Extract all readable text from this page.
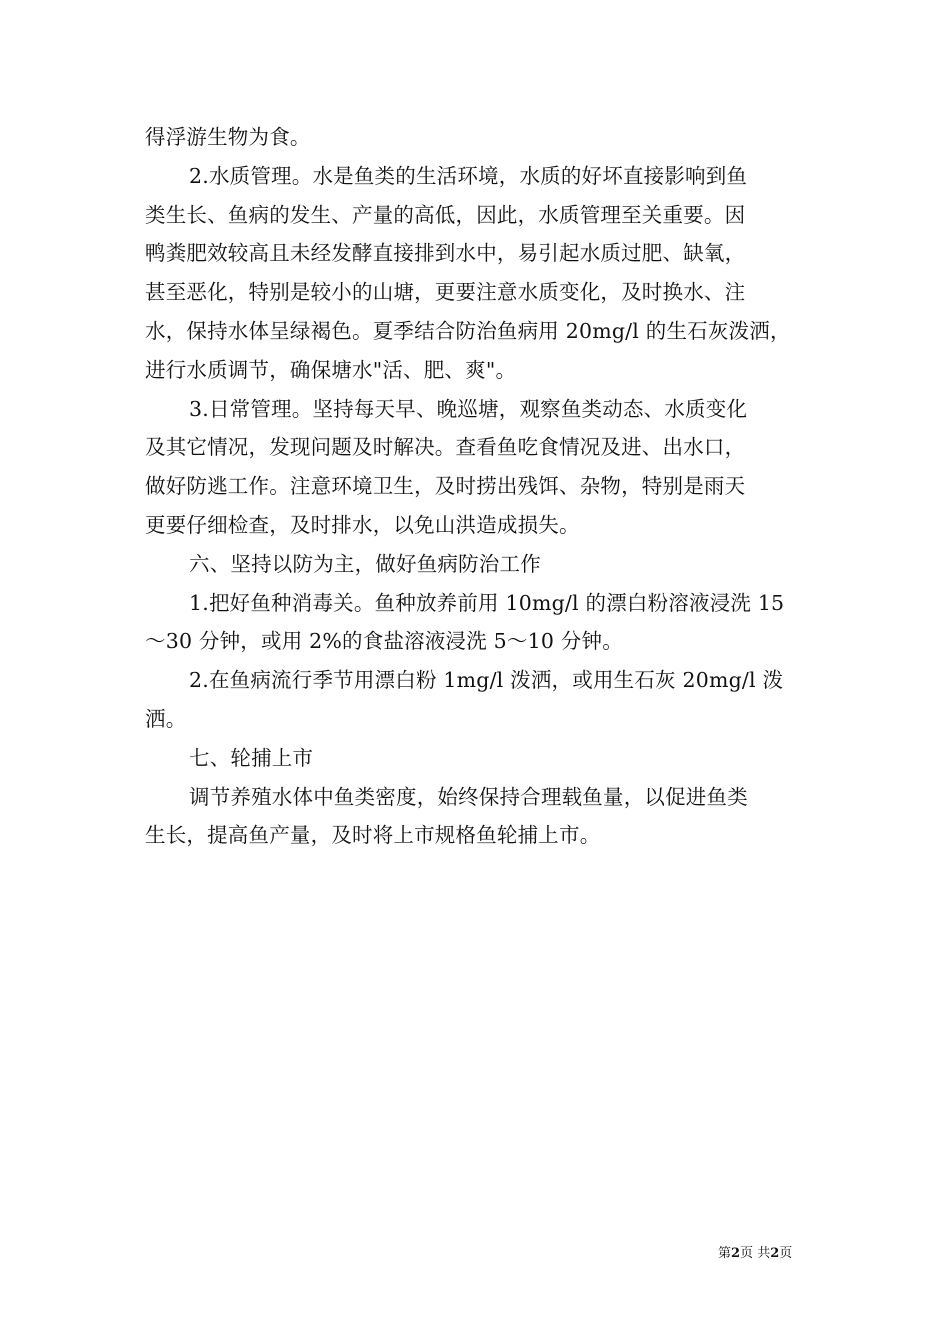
得浮游生物为食。
2.水质管理。水是鱼类的生活环境，水质的好坏直接影响到鱼
类生长、鱼病的发生、产量的高低，因此，水质管理至关重要。因
鸭粪肥效较高且未经发酵直接排到水中，易引起水质过肥、缺氧，
甚至恶化，特别是较小的山塘，更要注意水质变化，及时换水、注
水，保持水体呈绿褐色。夏季结合防治鱼病用 20mg/l 的生石灰泼洒，
进行水质调节，确保塘水"活、肥、爽"。
3.日常管理。坚持每天早、晚巡塘，观察鱼类动态、水质变化
及其它情况，发现问题及时解决。查看鱼吃食情况及进、出水口，
做好防逃工作。注意环境卫生，及时捞出残饵、杂物，特别是雨天
更要仔细检查，及时排水，以免山洪造成损失。
六、坚持以防为主，做好鱼病防治工作
1.把好鱼种消毒关。鱼种放养前用 10mg/l 的漂白粉溶液浸洗 15
～30 分钟，或用 2%的食盐溶液浸洗 5～10 分钟。
2.在鱼病流行季节用漂白粉 1mg/l 泼洒，或用生石灰 20mg/l 泼
洒。
七、轮捕上市
调节养殖水体中鱼类密度，始终保持合理载鱼量，以促进鱼类
生长，提高鱼产量，及时将上市规格鱼轮捕上市。
第2页 共2页
